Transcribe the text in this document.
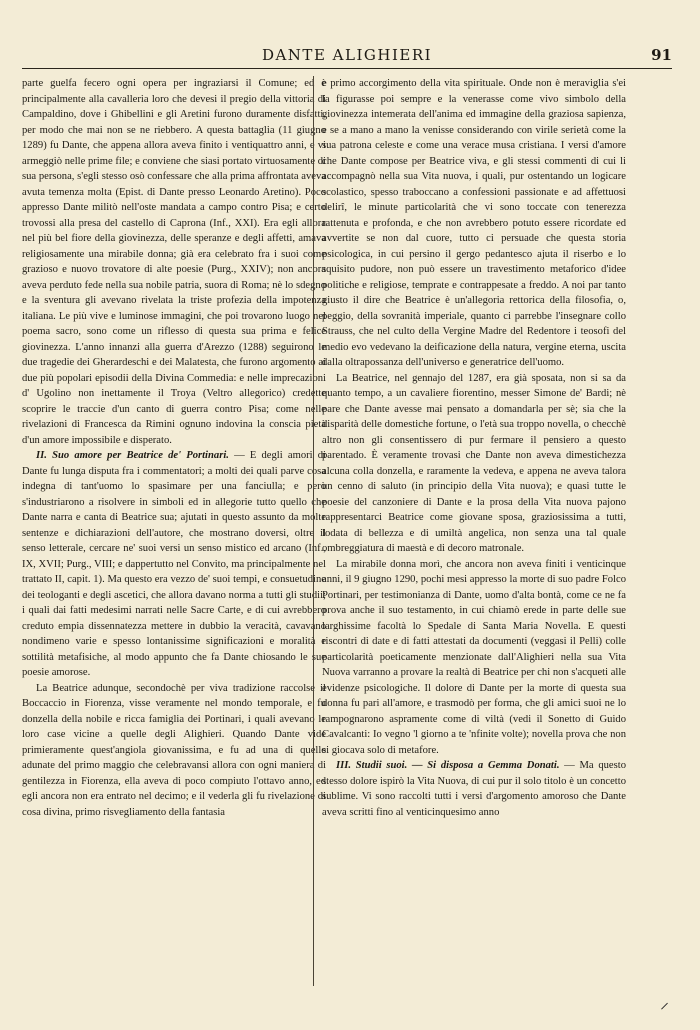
DANTE ALIGHIERI	91

parte guelfa fecero ogni opera per ingraziarsi il Comune; ed è principalmente alla cavalleria loro che devesi il pregio della vittoria di Campaldino, dove i Ghibellini e gli Aretini furono duramente disfatti, per modo che mai non se ne riebbero. A questa battaglia (11 giugno 1289) fu Dante, che appena allora aveva finito i ventiquattro anni, e vi armeggiò nelle prime file; e conviene che siasi portato virtuosamente di sua persona, s'egli stesso osò confessare che alla prima affrontata aveva avuta temenza molta (Epist. di Dante presso Leonardo Aretino). Poco appresso Dante militò nell'oste mandata a campo contro Pisa; e certo trovossi alla presa del castello di Caprona (Inf., XXI). Era egli allora nel più bel fiore della giovinezza, delle speranze e degli affetti, amava religiosamente una mirabile donna; già era celebrato fra i suoi come grazioso e nuovo trovatore di alte poesie (Purg., XXIV); non ancora aveva perduto fede nella sua nobile patria, suora di Roma; nè lo sdegno e la sventura gli avevano rivelata la triste profezia della impotenza italiana. Le più vive e luminose immagini, che poi trovarono luogo nel poema sacro, sono come un riflesso di questa sua prima e felice giovinezza. L'anno innanzi alla guerra d'Arezzo (1288) seguirono le due tragedie dei Gherardeschi e dei Malatesta, che furono argomento ai due più popolari episodii della Divina Commedia: e nelle imprecazioni d' Ugolino non inettamente il Troya (Veltro allegorico) credette scoprire le traccie d'un canto di guerra contro Pisa; come nelle rivelazioni di Francesca da Rimini ognuno indovina la conscia pietà d'un amore impossibile e disperato.

II. Suo amore per Beatrice de' Portinari. — E degli amori di Dante fu lunga disputa fra i commentatori; a molti dei quali parve cosa indegna di tant'uomo lo spasimare per una fanciulla; e però s'industriarono a risolvere in simboli ed in allegorie tutto quello che Dante narra e canta di Beatrice sua; ajutati in questo assunto da molte sentenze e dichiarazioni dell'autore, che mostrano doversi, oltre il senso letterale, cercare ne' suoi versi un senso mistico ed arcano (Inf., IX, XVII; Purg., VIII; e dappertutto nel Convito, ma principalmente nel trattato II, capit. 1). Ma questo era vezzo de' suoi tempi, e consuetudine dei teologanti e degli ascetici, che allora davano norma a tutti gli studii; i quali dai fatti medesimi narrati nelle Sacre Carte, e di cui avrebbero creduto empia dissennatezza mettere in dubbio la veracità, cavavano nondimeno varie e spesso lontanissime significazioni e moralità e sottilità metafisiche, al modo appunto che fa Dante chiosando le sue poesie amorose.

La Beatrice adunque, secondochè per viva tradizione raccolse il Boccaccio in Fiorenza, visse veramente nel mondo temporale, e fu donzella della nobile e ricca famiglia dei Portinari, i quali avevano le loro case vicine a quelle degli Alighieri. Quando Dante vide primieramente quest'angiola giovanissima, e fu ad una di quelle adunate del primo maggio che celebravansi allora con ogni maniera di gentilezza in Fiorenza, ella aveva di poco compiuto l'ottavo anno, ed egli ancora non era entrato nel decimo; e il vederla gli fu rivelazione di cosa divina, primo risvegliamento della fantasia

e primo accorgimento della vita spirituale. Onde non è meraviglia s'ei la figurasse poi sempre e la venerasse come vivo simbolo della giovinezza intemerata dell'anima ed immagine della graziosa sapienza, e se a mano a mano la venisse considerando con virile serietà come la sua patrona celeste e come una verace musa cristiana. I versi d'amore che Dante compose per Beatrice viva, e gli stessi commenti di cui li accompagnò nella sua Vita nuova, i quali, pur ostentando un logicare scolastico, spesso traboccano a confessioni passionate e ad affettuosi delirî, le minute particolarità che vi sono toccate con tenerezza rattenuta e profonda, e che non avrebbero potuto essere ricordate ed avvertite se non dal cuore, tutto ci persuade che questa storia psicologica, in cui persino il gergo pedantesco ajuta il riserbo e lo squisito pudore, non può essere un travestimento metaforico d'idee politiche e religiose, temprate e contrappesate a freddo. A noi par tanto giusto il dire che Beatrice è un'allegoria rettorica della filosofia, o, peggio, della sovranità imperiale, quanto ci parrebbe l'insegnare collo Strauss, che nel culto della Vergine Madre del Redentore i teosofi del medio evo vedevano la deificazione della natura, vergine eterna, uscita dalla oltrapossanza dell'universo e generatrice dell'uomo.

La Beatrice, nel gennajo del 1287, era già sposata, non si sa da quanto tempo, a un cavaliere fiorentino, messer Simone de' Bardi; nè pare che Dante avesse mai pensato a domandarla per sè; sia che la disparità delle domestiche fortune, o l'età sua troppo novella, o checchè altro non gli consentissero di pur fermare il pensiero a questo parentado. È veramente trovasi che Dante non aveva dimestichezza alcuna colla donzella, e raramente la vedeva, e appena ne aveva talora un cenno di saluto (in principio della Vita nuova); e quasi tutte le poesie del canzoniere di Dante e la prosa della Vita nuova pajono rappresentarci Beatrice come giovane sposa, graziosissima a tutti, lodata di bellezza e di umiltà angelica, non senza una tal quale ombreggiatura di maestà e di decoro matronale.

La mirabile donna morì, che ancora non aveva finiti i venticinque anni, il 9 giugno 1290, pochi mesi appresso la morte di suo padre Folco Portinari, per testimonianza di Dante, uomo d'alta bontà, come ce ne fa prova anche il suo testamento, in cui chiamò erede in parte delle sue larghissime facoltà lo Spedale di Santa Maria Novella. E questi riscontri di date e di fatti attestati da documenti (veggasi il Pelli) colle particolarità poeticamente menzionate dall'Alighieri nella sua Vita Nuova varranno a provare la realtà di Beatrice per chi non s'acqueti alle evidenze psicologiche. Il dolore di Dante per la morte di questa sua donna fu pari all'amore, e trasmodò per forma, che gli amici suoi ne lo rampognarono aspramente come di viltà (vedi il Sonetto di Guido Cavalcanti: Io vegno 'l giorno a te 'nfinite volte); novella prova che non si giocava solo di metafore.

III. Studii suoi. — Si disposa a Gemma Donati. — Ma questo stesso dolore ispirò la Vita Nuova, di cui pur il solo titolo è un concetto sublime. Vi sono raccolti tutti i versi d'argomento amoroso che Dante aveva scritti fino al venticinquesimo anno

⸝
